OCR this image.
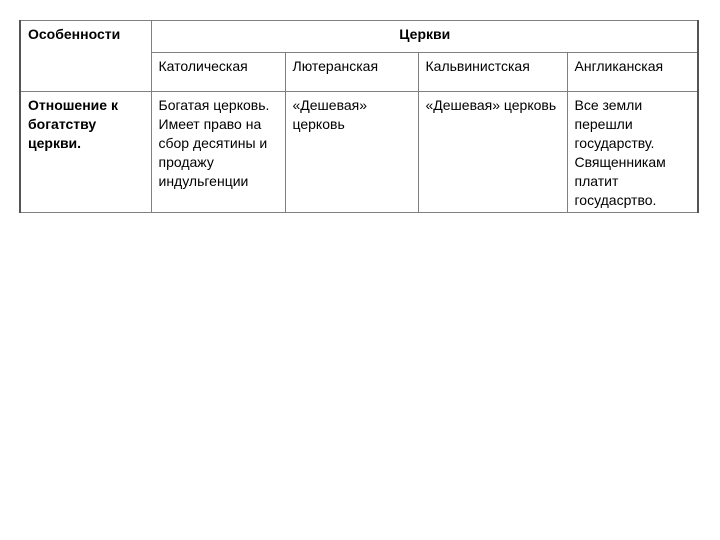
Особенности	Церкви			

	Католическая	Лютеранская	Кальвинистская	Англиканская

Отношение к богатству церкви.	Богатая церковь. Имеет право на сбор десятины и продажу индульгенции	«Дешевая» церковь	«Дешевая» церковь	Все земли перешли государству. Священникам платит госудасртво.
